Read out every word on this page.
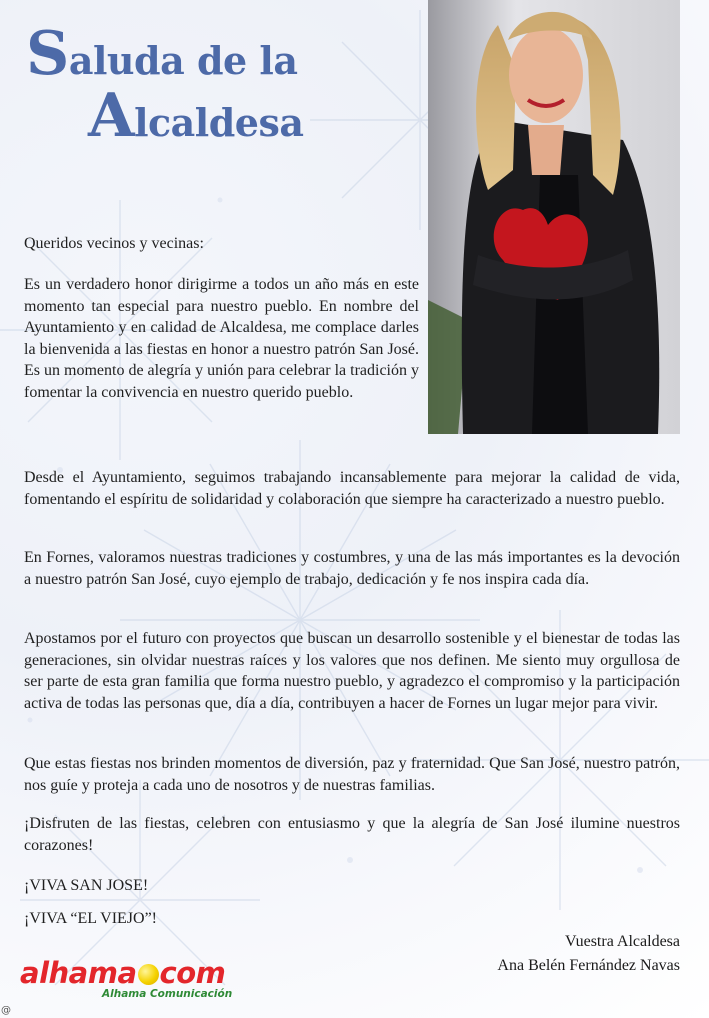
Saluda de la
Alcaldesa

Queridos vecinos y vecinas:

Es un verdadero honor dirigirme a todos un año más en este momento tan especial para nuestro pueblo. En nombre del Ayuntamiento y en calidad de Alcaldesa, me complace darles la bienvenida a las fiestas en honor a nuestro patrón San José. Es un momento de alegría y unión para celebrar la tradición y fomentar la convivencia en nuestro querido pueblo.

Desde el Ayuntamiento, seguimos trabajando incansablemente para mejorar la calidad de vida, fomentando el espíritu de solidaridad y colaboración que siempre ha caracterizado a nuestro pueblo.

En Fornes, valoramos nuestras tradiciones y costumbres, y una de las más importantes es la devoción a nuestro patrón San José, cuyo ejemplo de trabajo, dedicación y fe nos inspira cada día.

Apostamos por el futuro con proyectos que buscan un desarrollo sostenible y el bienestar de todas las generaciones, sin olvidar nuestras raíces y los valores que nos definen. Me siento muy orgullosa de ser parte de esta gran familia que forma nuestro pueblo, y agradezco el compromiso y la participación activa de todas las personas que, día a día, contribuyen a hacer de Fornes un lugar mejor para vivir.

Que estas fiestas nos brinden momentos de diversión, paz y fraternidad. Que San José, nuestro patrón, nos guíe y proteja a cada uno de nosotros y de nuestras familias.

¡Disfruten de las fiestas, celebren con entusiasmo y que la alegría de San José ilumine nuestros corazones!

¡VIVA SAN JOSE!

¡VIVA “EL VIEJO”!

Vuestra Alcaldesa
Ana Belén Fernández Navas
alhama com
Alhama Comunicación
@
